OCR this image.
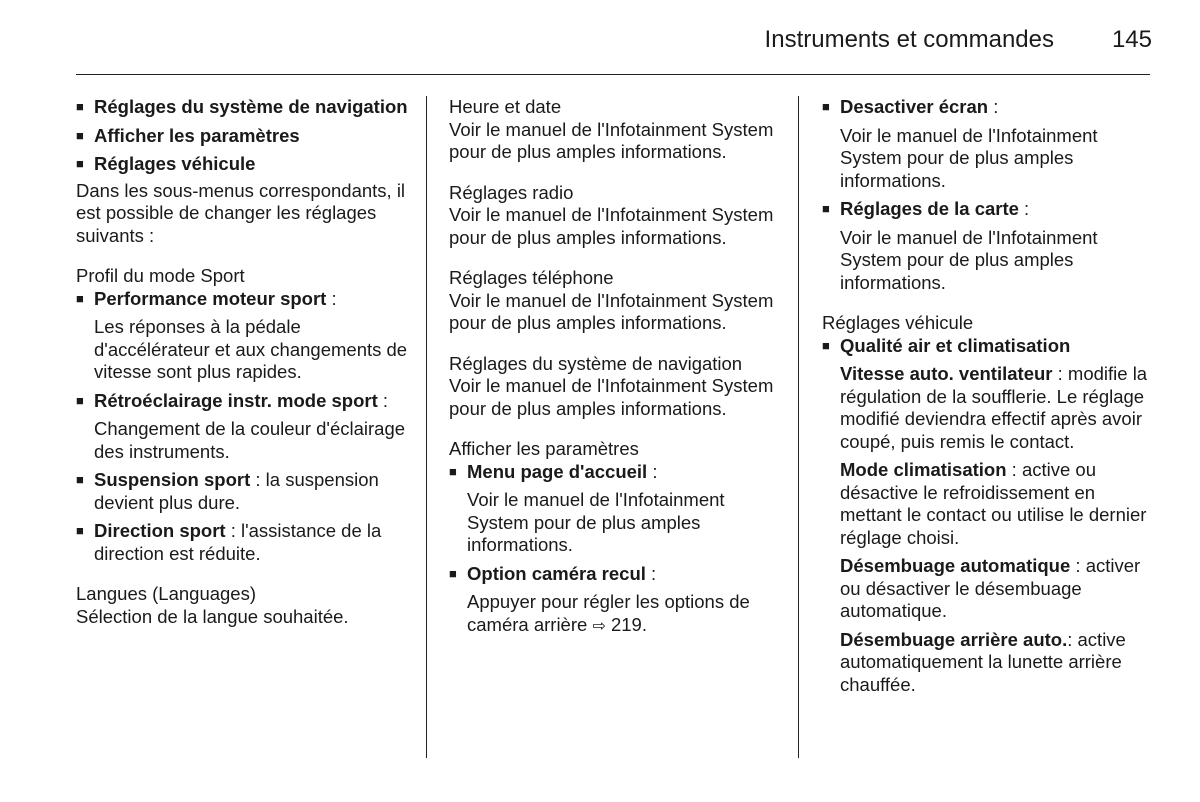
Instruments et commandes 145

■ Réglages du système de navigation

■ Afficher les paramètres

■ Réglages véhicule

Dans les sous-menus correspondants, il est possible de changer les réglages suivants :

Profil du mode Sport

■ Performance moteur sport :

Les réponses à la pédale d'accélérateur et aux changements de vitesse sont plus rapides.

■ Rétroéclairage instr. mode sport :

Changement de la couleur d'éclairage des instruments.

■ Suspension sport : la suspension devient plus dure.

■ Direction sport : l'assistance de la direction est réduite.

Langues (Languages)

Sélection de la langue souhaitée.

Heure et date

Voir le manuel de l'Infotainment System pour de plus amples informations.

Réglages radio

Voir le manuel de l'Infotainment System pour de plus amples informations.

Réglages téléphone

Voir le manuel de l'Infotainment System pour de plus amples informations.

Réglages du système de navigation

Voir le manuel de l'Infotainment System pour de plus amples informations.

Afficher les paramètres

■ Menu page d'accueil :

Voir le manuel de l'Infotainment System pour de plus amples informations.

■ Option caméra recul :

Appuyer pour régler les options de caméra arrière ⇨ 219.

■ Desactiver écran :

Voir le manuel de l'Infotainment System pour de plus amples informations.

■ Réglages de la carte :

Voir le manuel de l'Infotainment System pour de plus amples informations.

Réglages véhicule

■ Qualité air et climatisation

Vitesse auto. ventilateur : modifie la régulation de la soufflerie. Le réglage modifié deviendra effectif après avoir coupé, puis remis le contact.

Mode climatisation : active ou désactive le refroidissement en mettant le contact ou utilise le dernier réglage choisi.

Désembuage automatique : activer ou désactiver le désembuage automatique.

Désembuage arrière auto.: active automatiquement la lunette arrière chauffée.
